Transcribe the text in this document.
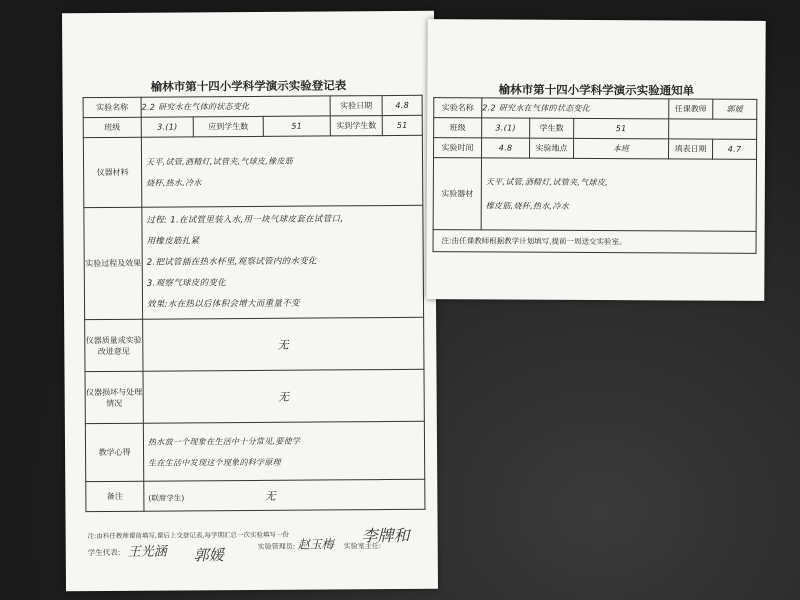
榆林市第十四小学科学演示实验登记表
实验名称	2.2 研究水在气体的状态变化			实验日期	4.8
班级	3.(1)	应到学生数	51	实到学生数	51
仪器材料	天平,试管,酒精灯,试管夹,气球皮,橡皮筋
烧杯,热水,冷水				

实验过程及效果	过程: 1.在试管里装入水,用一块气球皮套在试管口,
用橡皮筋扎紧
2.把试管插在热水杯里,观察试管内的水变化
3.观察气球皮的变化
效果:水在热以后体积会增大而重量不变				

仪器质量或实验改进意见	无				
仪器损坏与处理情况	无				
教学心得	热水放一个现象在生活中十分常见,要使学
生在生活中发现这个现象的科学原理				

备注	(联席学生) 无				
注:由科任教师课前填写,课后上交登记表,每学期汇总一次实验填写一份
学生代表: 王光涵 郭媛	实验管理员: 赵玉梅 实验室主任:
李牌和
榆林市第十四小学科学演示实验通知单
实验名称	2.2 研究水在气体的状态变化			任课教师	郭媛
班级	3.(1)	学生数	51		
实验时间	4.8	实验地点	本班	填表日期	4.7
实验器材	天平,试管,酒精灯,试管夹,气球皮,
橡皮筋,烧杯,热水,冷水				

注:由任课教师根据教学计划填写,提前一周送交实验室。					
